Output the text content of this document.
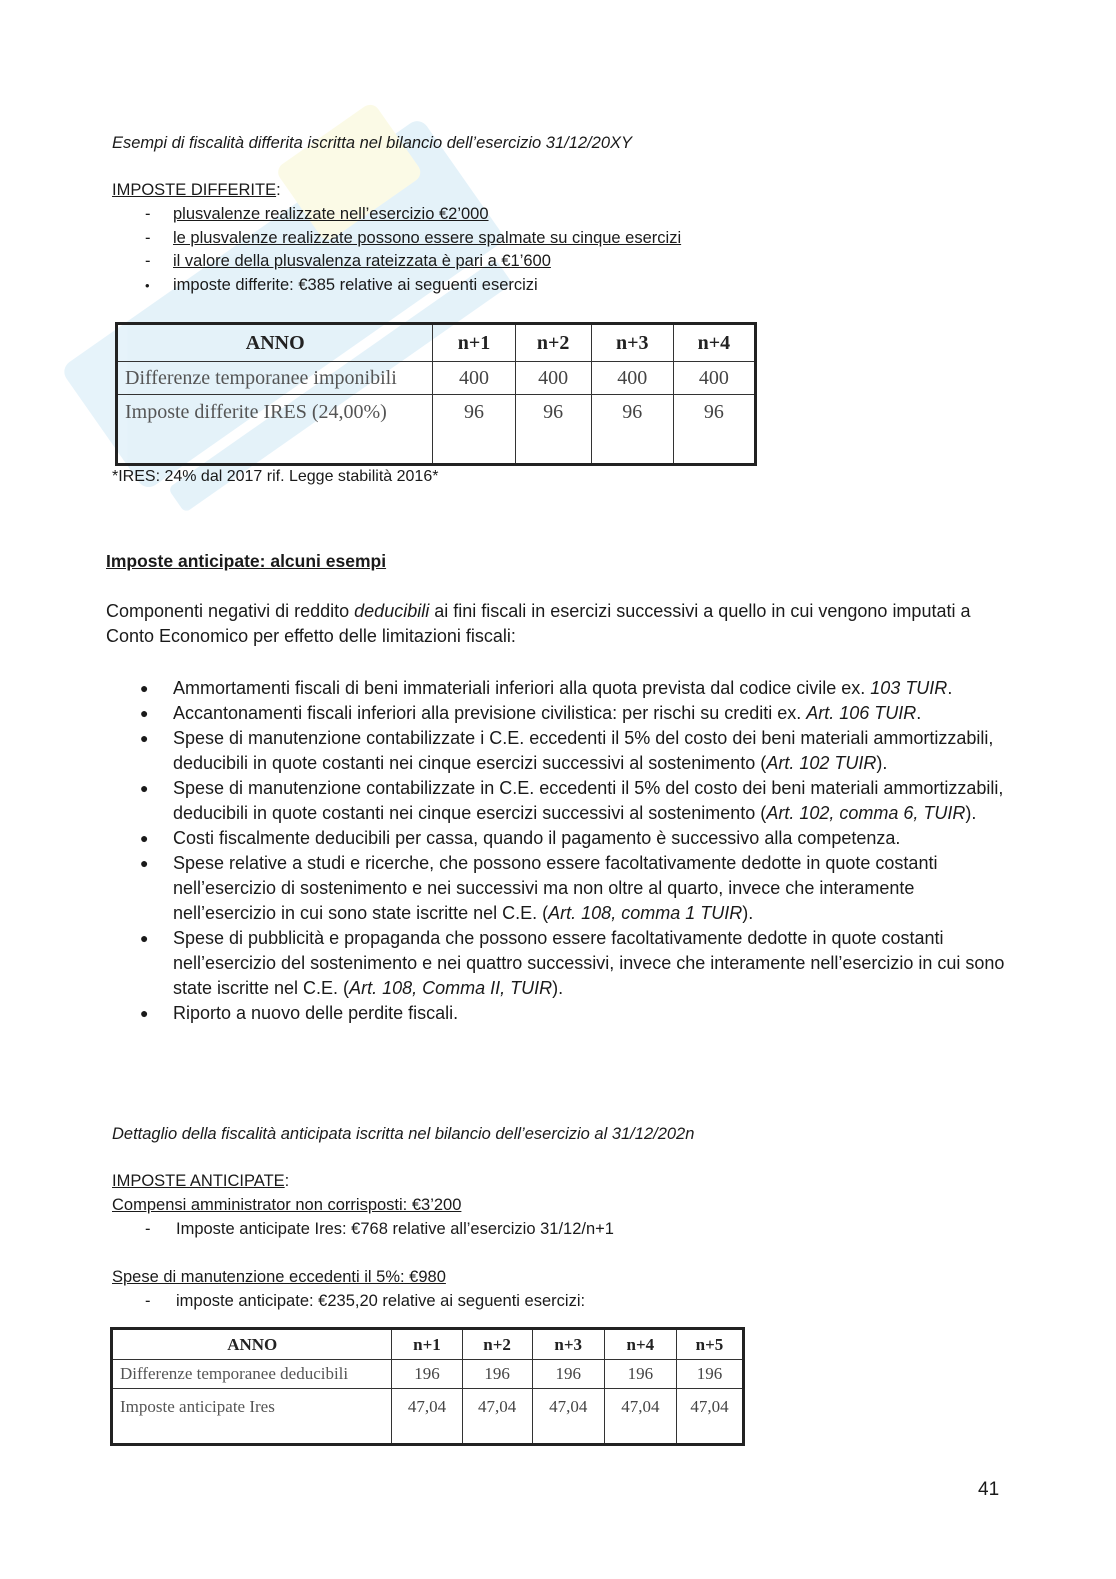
Esempi di fiscalità differita iscritta nel bilancio dell’esercizio 31/12/20XY
IMPOSTE DIFFERITE:
- plusvalenze realizzate nell’esercizio €2’000
- le plusvalenze realizzate possono essere spalmate su cinque esercizi
- il valore della plusvalenza rateizzata è pari a €1’600
• imposte differite: €385 relative ai seguenti esercizi
ANNO	n+1	n+2	n+3	n+4
Differenze temporanee imponibili	400	400	400	400
Imposte differite IRES (24,00%)	96	96	96	96
*IRES: 24% dal 2017 rif. Legge stabilità 2016*
Imposte anticipate: alcuni esempi

Componenti negativi di reddito deducibili ai fini fiscali in esercizi successivi a quello in cui vengono imputati a Conto Economico per effetto delle limitazioni fiscali:

● Ammortamenti fiscali di beni immateriali inferiori alla quota prevista dal codice civile ex. 103 TUIR.
● Accantonamenti fiscali inferiori alla previsione civilistica: per rischi su crediti ex. Art. 106 TUIR.
● Spese di manutenzione contabilizzate i C.E. eccedenti il 5% del costo dei beni materiali ammortizzabili, deducibili in quote costanti nei cinque esercizi successivi al sostenimento (Art. 102 TUIR).
● Spese di manutenzione contabilizzate in C.E. eccedenti il 5% del costo dei beni materiali ammortizzabili, deducibili in quote costanti nei cinque esercizi successivi al sostenimento (Art. 102, comma 6, TUIR).
● Costi fiscalmente deducibili per cassa, quando il pagamento è successivo alla competenza.
● Spese relative a studi e ricerche, che possono essere facoltativamente dedotte in quote costanti nell’esercizio di sostenimento e nei successivi ma non oltre al quarto, invece che interamente nell’esercizio in cui sono state iscritte nel C.E. (Art. 108, comma 1 TUIR).
● Spese di pubblicità e propaganda che possono essere facoltativamente dedotte in quote costanti nell’esercizio del sostenimento e nei quattro successivi, invece che interamente nell’esercizio in cui sono state iscritte nel C.E. (Art. 108, Comma II, TUIR).
● Riporto a nuovo delle perdite fiscali.
Dettaglio della fiscalità anticipata iscritta nel bilancio dell’esercizio al 31/12/202n
IMPOSTE ANTICIPATE:
Compensi amministrator non corrisposti: €3’200
- Imposte anticipate Ires: €768 relative all’esercizio 31/12/n+1
Spese di manutenzione eccedenti il 5%: €980
- imposte anticipate: €235,20 relative ai seguenti esercizi:
ANNO	n+1	n+2	n+3	n+4	n+5
Differenze temporanee deducibili	196	196	196	196	196
Imposte anticipate Ires	47,04	47,04	47,04	47,04	47,04
41
